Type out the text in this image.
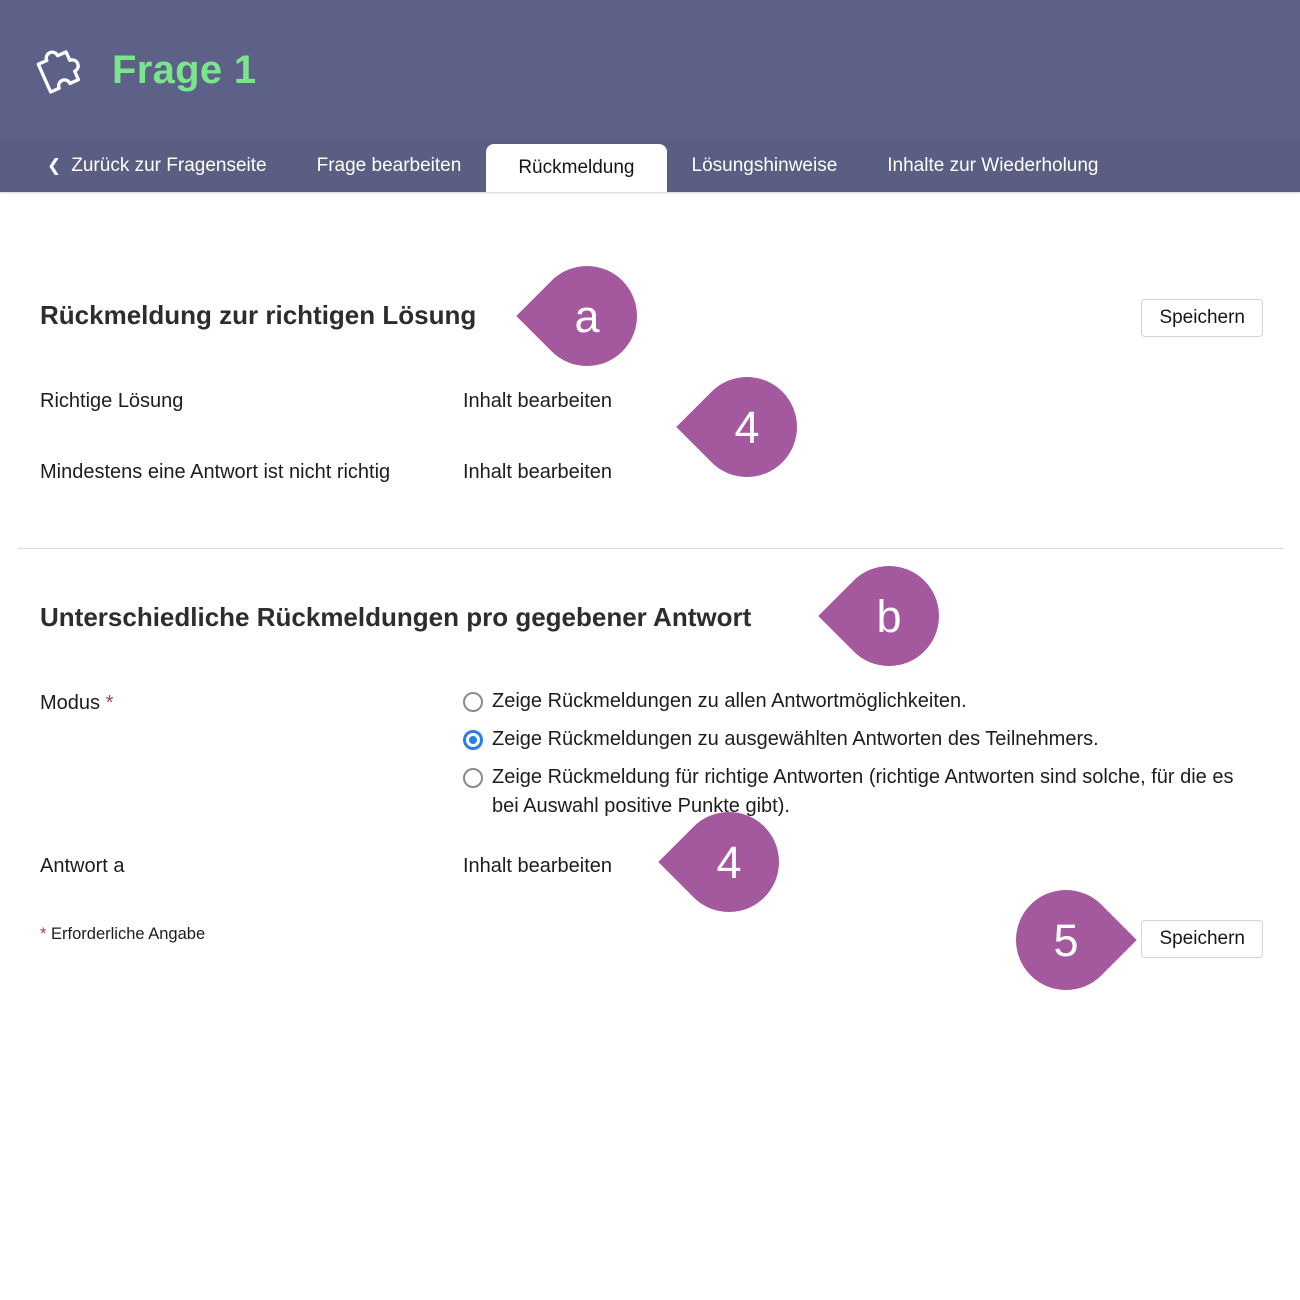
Frage 1
❮
Zurück zur Fragenseite	Frage bearbeiten	Rückmeldung	Lösungshinweise	Inhalte zur Wiederholung
Rückmeldung zur richtigen Lösung	Speichern
Richtige Lösung	Inhalt bearbeiten
Mindestens eine Antwort ist nicht richtig	Inhalt bearbeiten
Unterschiedliche Rückmeldungen pro gegebener Antwort
Modus *	Zeige Rückmeldungen zu allen Antwortmöglichkeiten.
Zeige Rückmeldungen zu ausgewählten Antworten des Teilnehmers.
Zeige Rückmeldung für richtige Antworten (richtige Antworten sind solche, für die es bei Auswahl positive Punkte gibt).
Antwort a	Inhalt bearbeiten
* Erforderliche Angabe	Speichern
a
4
b
4
5
